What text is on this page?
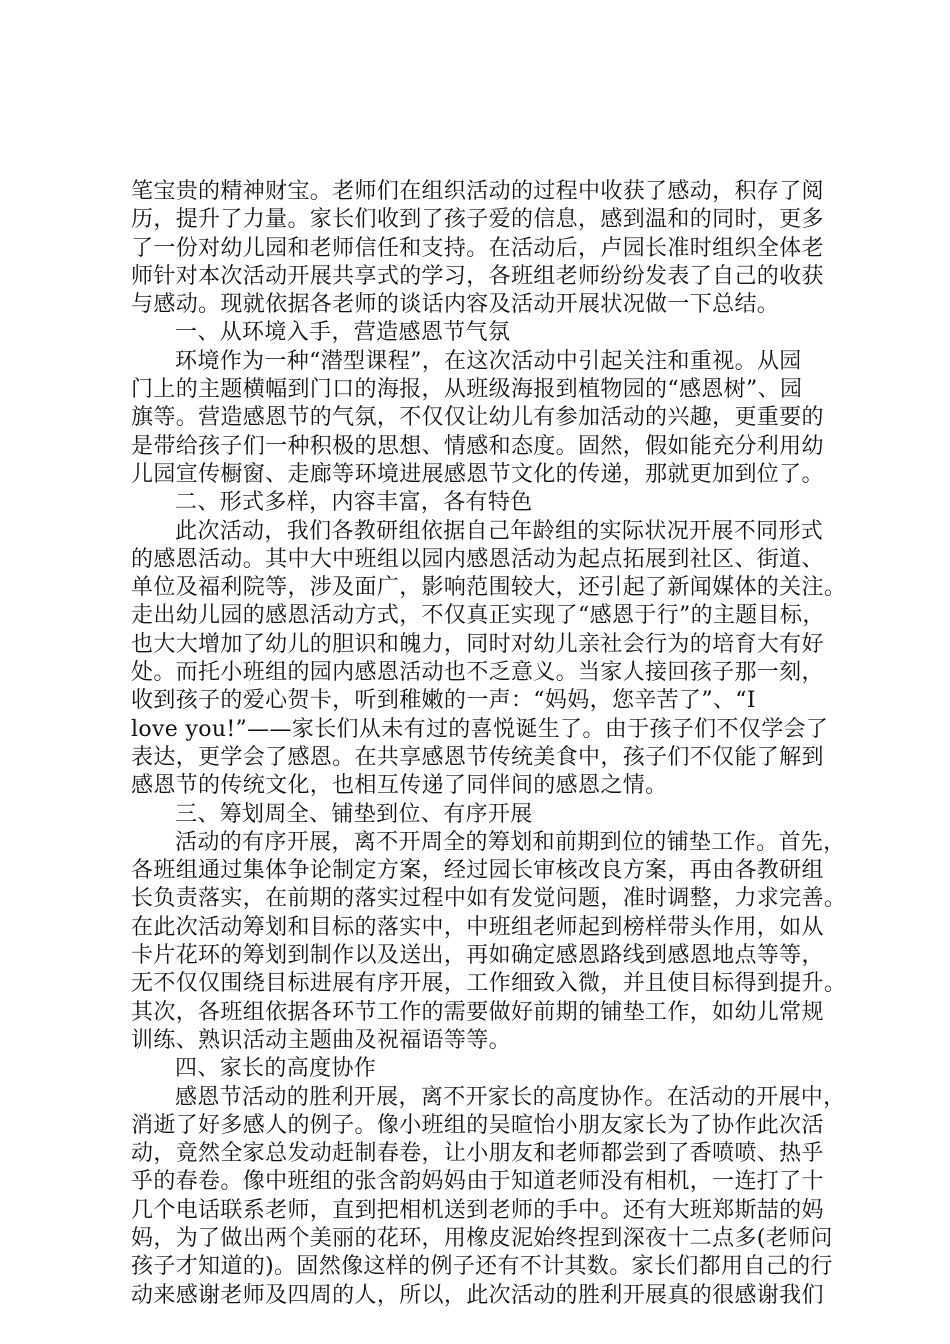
笔宝贵的精神财宝。老师们在组织活动的过程中收获了感动，积存了阅
历，提升了力量。家长们收到了孩子爱的信息，感到温和的同时，更多
了一份对幼儿园和老师信任和支持。在活动后，卢园长准时组织全体老
师针对本次活动开展共享式的学习，各班组老师纷纷发表了自己的收获
与感动。现就依据各老师的谈话内容及活动开展状况做一下总结。
一、从环境入手，营造感恩节气氛
环境作为一种“潜型课程”，在这次活动中引起关注和重视。从园
门上的主题横幅到门口的海报，从班级海报到植物园的“感恩树”、园
旗等。营造感恩节的气氛，不仅仅让幼儿有参加活动的兴趣，更重要的
是带给孩子们一种积极的思想、情感和态度。固然，假如能充分利用幼
儿园宣传橱窗、走廊等环境进展感恩节文化的传递，那就更加到位了。
二、形式多样，内容丰富，各有特色
此次活动，我们各教研组依据自己年龄组的实际状况开展不同形式
的感恩活动。其中大中班组以园内感恩活动为起点拓展到社区、街道、
单位及福利院等，涉及面广，影响范围较大，还引起了新闻媒体的关注。
走出幼儿园的感恩活动方式，不仅真正实现了“感恩于行”的主题目标，
也大大增加了幼儿的胆识和魄力，同时对幼儿亲社会行为的培育大有好
处。而托小班组的园内感恩活动也不乏意义。当家人接回孩子那一刻，
收到孩子的爱心贺卡，听到稚嫩的一声：“妈妈，您辛苦了”、“I
love you!”——家长们从未有过的喜悦诞生了。由于孩子们不仅学会了
表达，更学会了感恩。在共享感恩节传统美食中，孩子们不仅能了解到
感恩节的传统文化，也相互传递了同伴间的感恩之情。
三、筹划周全、铺垫到位、有序开展
活动的有序开展，离不开周全的筹划和前期到位的铺垫工作。首先，
各班组通过集体争论制定方案，经过园长审核改良方案，再由各教研组
长负责落实，在前期的落实过程中如有发觉问题，准时调整，力求完善。
在此次活动筹划和目标的落实中，中班组老师起到榜样带头作用，如从
卡片花环的筹划到制作以及送出，再如确定感恩路线到感恩地点等等，
无不仅仅围绕目标进展有序开展，工作细致入微，并且使目标得到提升。
其次，各班组依据各环节工作的需要做好前期的铺垫工作，如幼儿常规
训练、熟识活动主题曲及祝福语等等。
四、家长的高度协作
感恩节活动的胜利开展，离不开家长的高度协作。在活动的开展中，
消逝了好多感人的例子。像小班组的吴暄怡小朋友家长为了协作此次活
动，竟然全家总发动赶制春卷，让小朋友和老师都尝到了香喷喷、热乎
乎的春卷。像中班组的张含韵妈妈由于知道老师没有相机，一连打了十
几个电话联系老师，直到把相机送到老师的手中。还有大班郑斯喆的妈
妈，为了做出两个美丽的花环，用橡皮泥始终捏到深夜十二点多(老师问
孩子才知道的)。固然像这样的例子还有不计其数。家长们都用自己的行
动来感谢老师及四周的人，所以，此次活动的胜利开展真的很感谢我们
